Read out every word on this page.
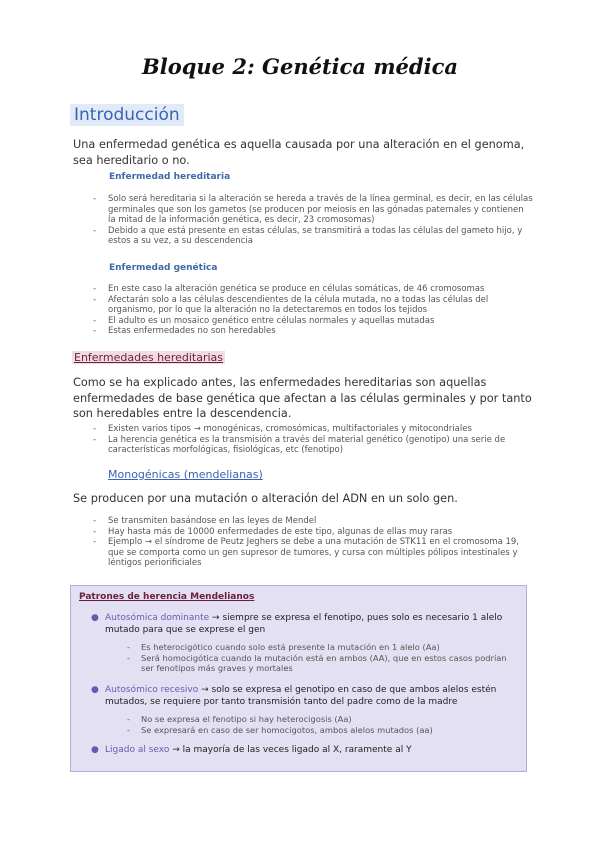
Bloque 2: Genética médica
Introducción
Una enfermedad genética es aquella causada por una alteración en el genoma, sea hereditario o no.
Enfermedad hereditaria
- Solo será hereditaria si la alteración se hereda a través de la línea germinal, es decir, en las células germinales que son los gametos (se producen por meiosis en las gónadas paternales y contienen la mitad de la información genética, es decir, 23 cromosomas)
- Debido a que está presente en estas células, se transmitirá a todas las células del gameto hijo, y estos a su vez, a su descendencia
Enfermedad genética
- En este caso la alteración genética se produce en células somáticas, de 46 cromosomas
- Afectarán solo a las células descendientes de la célula mutada, no a todas las células del organismo, por lo que la alteración no la detectaremos en todos los tejidos
- El adulto es un mosaico genético entre células normales y aquellas mutadas
- Estas enfermedades no son heredables
Enfermedades hereditarias
Como se ha explicado antes, las enfermedades hereditarias son aquellas enfermedades de base genética que afectan a las células germinales y por tanto son heredables entre la descendencia.
- Existen varios tipos → monogénicas, cromosómicas, multifactoriales y mitocondriales
- La herencia genética es la transmisión a través del material genético (genotipo) una serie de características morfológicas, fisiológicas, etc (fenotipo)
Monogénicas (mendelianas)
Se producen por una mutación o alteración del ADN en un solo gen.
- Se transmiten basándose en las leyes de Mendel
- Hay hasta más de 10000 enfermedades de este tipo, algunas de ellas muy raras
- Ejemplo → el síndrome de Peutz Jeghers se debe a una mutación de STK11 en el cromosoma 19, que se comporta como un gen supresor de tumores, y cursa con múltiples pólipos intestinales y léntigos periorificiales
Patrones de herencia Mendelianos
● Autosómica dominante → siempre se expresa el fenotipo, pues solo es necesario 1 alelo mutado para que se exprese el gen
- Es heterocigótico cuando solo está presente la mutación en 1 alelo (Aa)
- Será homocigótica cuando la mutación está en ambos (AA), que en estos casos podrían ser fenotipos más graves y mortales
● Autosómico recesivo → solo se expresa el genotipo en caso de que ambos alelos estén mutados, se requiere por tanto transmisión tanto del padre como de la madre
- No se expresa el fenotipo si hay heterocigosis (Aa)
- Se expresará en caso de ser homocigotos, ambos alelos mutados (aa)
● Ligado al sexo → la mayoría de las veces ligado al X, raramente al Y
